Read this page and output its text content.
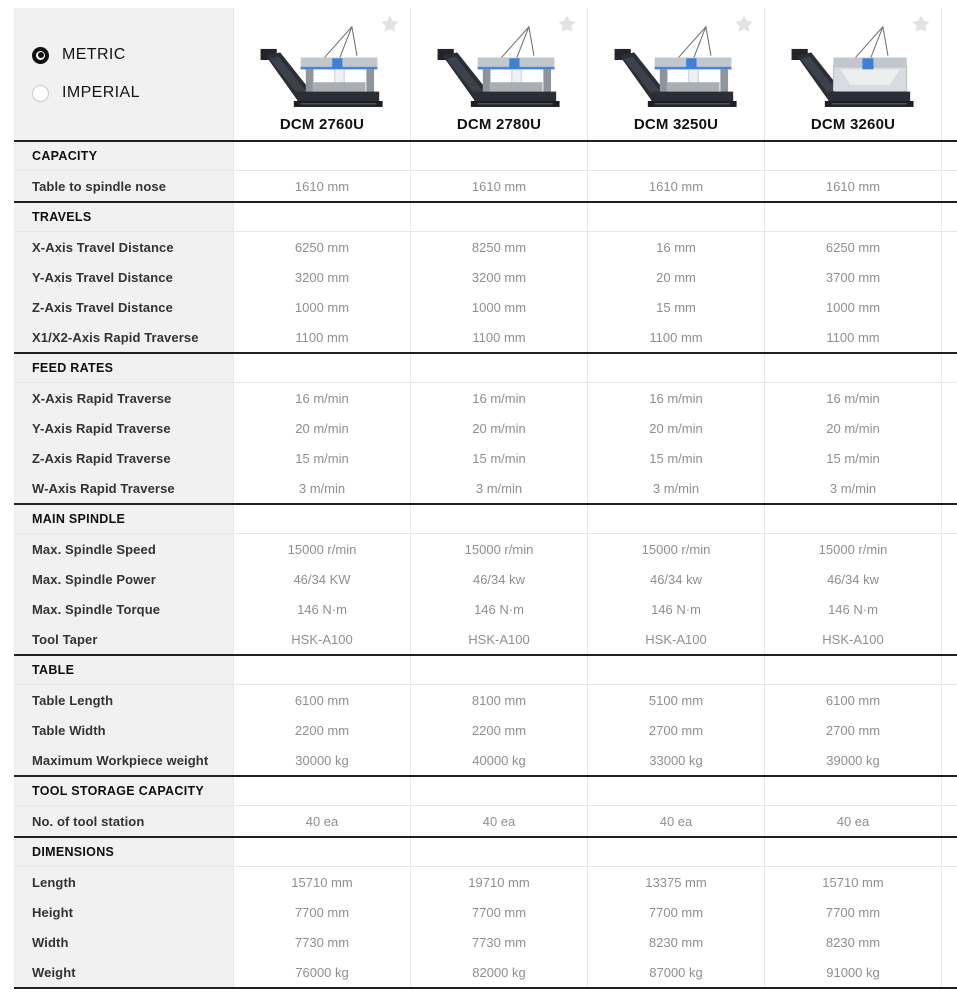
METRIC
IMPERIAL
DCM 2760U	DCM 2780U	DCM 3250U	DCM 3260U
CAPACITY
Table to spindle nose	1610 mm	1610 mm	1610 mm	1610 mm
TRAVELS
X-Axis Travel Distance	6250 mm	8250 mm	16 mm	6250 mm
Y-Axis Travel Distance	3200 mm	3200 mm	20 mm	3700 mm
Z-Axis Travel Distance	1000 mm	1000 mm	15 mm	1000 mm
X1/X2-Axis Rapid Traverse	1100 mm	1100 mm	1100 mm	1100 mm
FEED RATES
X-Axis Rapid Traverse	16 m/min	16 m/min	16 m/min	16 m/min
Y-Axis Rapid Traverse	20 m/min	20 m/min	20 m/min	20 m/min
Z-Axis Rapid Traverse	15 m/min	15 m/min	15 m/min	15 m/min
W-Axis Rapid Traverse	3 m/min	3 m/min	3 m/min	3 m/min
MAIN SPINDLE
Max. Spindle Speed	15000 r/min	15000 r/min	15000 r/min	15000 r/min
Max. Spindle Power	46/34 KW	46/34 kw	46/34 kw	46/34 kw
Max. Spindle Torque	146 N·m	146 N·m	146 N·m	146 N·m
Tool Taper	HSK-A100	HSK-A100	HSK-A100	HSK-A100
TABLE
Table Length	6100 mm	8100 mm	5100 mm	6100 mm
Table Width	2200 mm	2200 mm	2700 mm	2700 mm
Maximum Workpiece weight	30000 kg	40000 kg	33000 kg	39000 kg
TOOL STORAGE CAPACITY
No. of tool station	40 ea	40 ea	40 ea	40 ea
DIMENSIONS
Length	15710 mm	19710 mm	13375 mm	15710 mm
Height	7700 mm	7700 mm	7700 mm	7700 mm
Width	7730 mm	7730 mm	8230 mm	8230 mm
Weight	76000 kg	82000 kg	87000 kg	91000 kg
